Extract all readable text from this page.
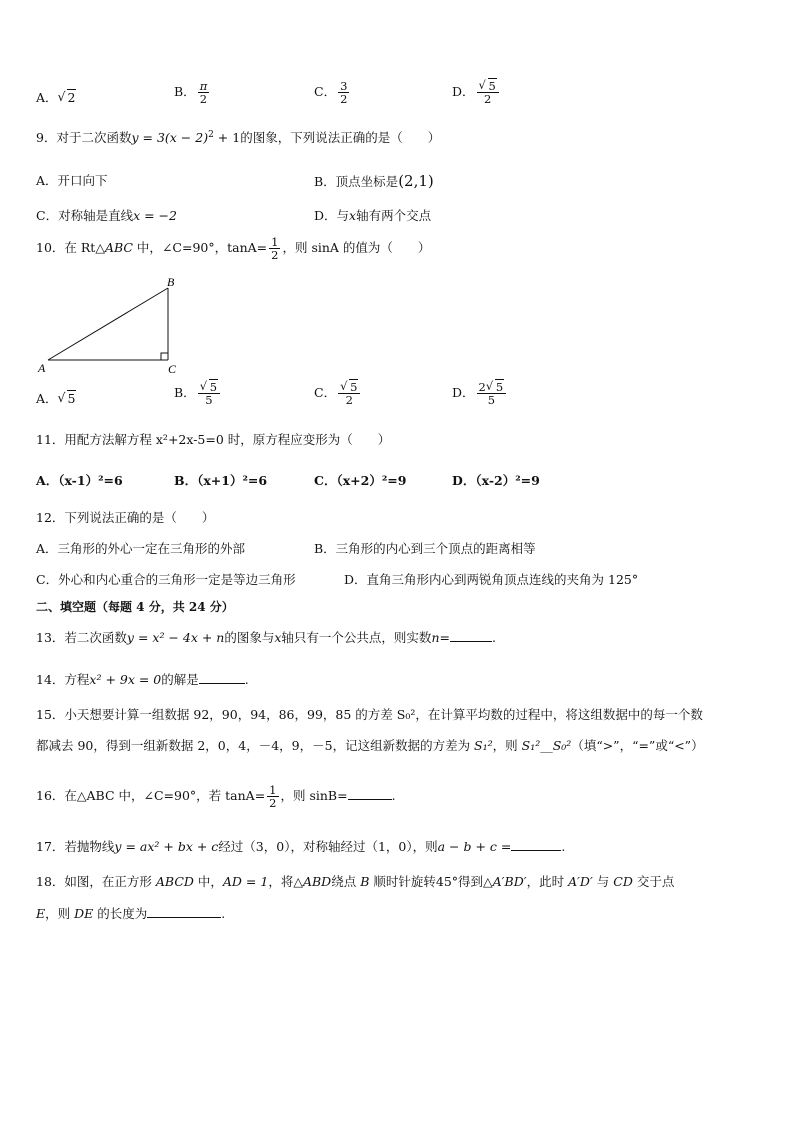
A． √ 2	B． $\frac{\pi}{2}$	C． $\frac{3}{2}$	D． √ $\frac{5}{2}$
9．对于二次函数$y = 3(x - 2)^2 + 1$的图象，下列说法正确的是（　　）
A．开口向下	B．顶点坐标是(2,1)
C．对称轴是直线x = −2	D．与x轴有两个交点
10．在 Rt△ABC 中，∠C=90°，$\tan A= \frac{1}{2}$ ，则 sinA 的值为（　　）
A
B
C
A． √ 5	B． √ $\frac{5}{5}$	C． √ $\frac{5}{2}$	D． $\frac{2 √ 5}{5}$
11．用配方法解方程 x²+2x-5=0 时，原方程应变形为（　　）
A．（x-1）²=6	B．（x+1）²=6	C．（x+2）²=9	D．（x-2）²=9
12．下列说法正确的是（　　）
A．三角形的外心一定在三角形的外部	B．三角形的内心到三个顶点的距离相等
C．外心和内心重合的三角形一定是等边三角形	D．直角三角形内心到两锐角顶点连线的夹角为 125°
二、填空题（每题 4 分，共 24 分）
13．若二次函数y = x² − 4x + n的图象与x轴只有一个公共点，则实数n=	.
14．方程x² + 9x = 0的解是	.
15．小天想要计算一组数据 92，90，94，86，99，85 的方差 S₀²，在计算平均数的过程中，将这组数据中的每一个数
都减去 90，得到一组新数据 2，0，4，－4，9，－5，记这组新数据的方差为 S₁²，则 S₁²__S₀²（填“>”，“=”或“<”）
16．在△ABC 中，∠C=90°，若 $\tan A= \frac{1}{2}$ ，则 sinB=	.
17．若抛物线y = ax² + bx + c经过（3，0），对称轴经过（1，0），则a − b + c =	.
18．如图，在正方形 ABCD 中，AD = 1，将△ABD绕点 B 顺时针旋转45°得到△A′BD′，此时 A′D′ 与 CD 交于点
E，则 DE 的长度为	.
